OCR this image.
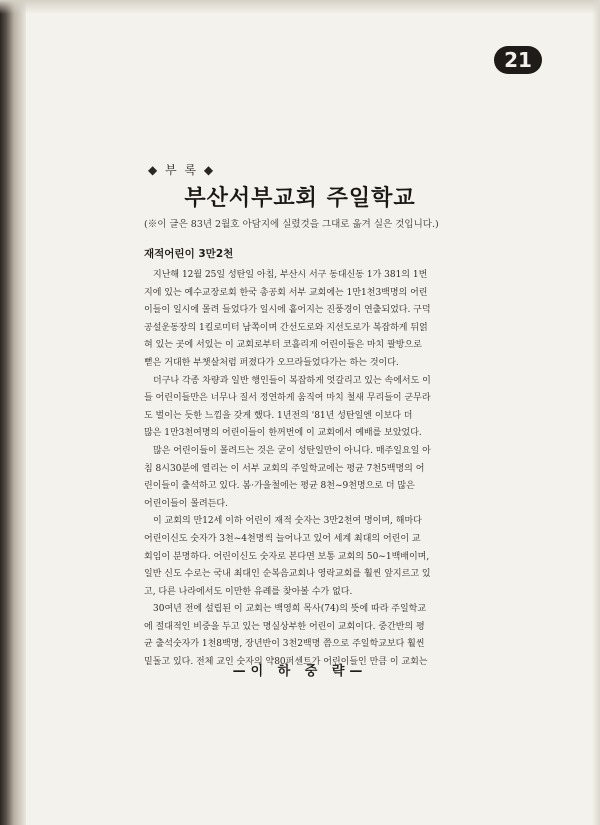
21
◆ 부 록 ◆
부산서부교회 주일학교
(※이 글은 83년 2월호 아담지에 실렸것을 그대로 옮겨 실은 것입니다.)
재적어린이 3만2천
지난해 12월 25일 성탄일 아침, 부산시 서구 동대신동 1가 381의 1번
지에 있는 예수교장로회 한국 총공회 서부 교회에는 1만1천3백명의 어린
이들이 일시에 몰려 들었다가 일시에 흩어지는 진풍경이 연출되었다. 구덕
공설운동장의 1킬로미터 남쪽이며 간선도로와 지선도로가 복잡하게 뒤얽
혀 있는 곳에 서있는 이 교회로부터 코흘리게 어린이들은 마치 팔방으로
뻗은 거대한 부챗살처럼 퍼졌다가 오므라들었다가는 하는 것이다.
더구나 각종 차량과 일반 행인들이 복잡하게 엇갈리고 있는 속에서도 이
들 어린이들만은 너무나 질서 정연하게 움직여 마치 철새 무리들이 군무라
도 벌이는 듯한 느낌을 갖게 했다. 1년전의 '81년 성탄일엔 이보다 더
많은 1만3천여명의 어린이들이 한꺼번에 이 교회에서 예배를 보았었다.
많은 어린이들이 몰려드는 것은 굳이 성탄일만이 아니다. 매주일요일 아
침 8시30분에 열리는 이 서부 교회의 주일학교에는 평균 7천5백명의 어
린이들이 출석하고 있다. 봄·가을철에는 평균 8천~9천명으로 더 많은
어린이들이 몰려든다.
이 교회의 만12세 이하 어린이 재적 숫자는 3만2천여 명이며, 해마다
어린이신도 숫자가 3천~4천명씩 늘어나고 있어 세계 최대의 어린이 교
회임이 분명하다. 어린이신도 숫자로 본다면 보통 교회의 50~1백배이며,
일반 신도 수로는 국내 최대인 순복음교회나 영락교회를 훨씬 앞지르고 있
고, 다른 나라에서도 이만한 유례를 찾아볼 수가 없다.
30여년 전에 설립된 이 교회는 백영희 목사(74)의 뜻에 따라 주일학교
에 절대적인 비중을 두고 있는 명실상부한 어린이 교회이다. 중간반의 평
균 출석숫자가 1천8백명, 장년반이 3천2백명 쯤으로 주일학교보다 훨씬
밑돌고 있다. 전체 교인 숫자의 약80퍼센트가 어린이들인 만큼 이 교회는
—이 하 중 략—
